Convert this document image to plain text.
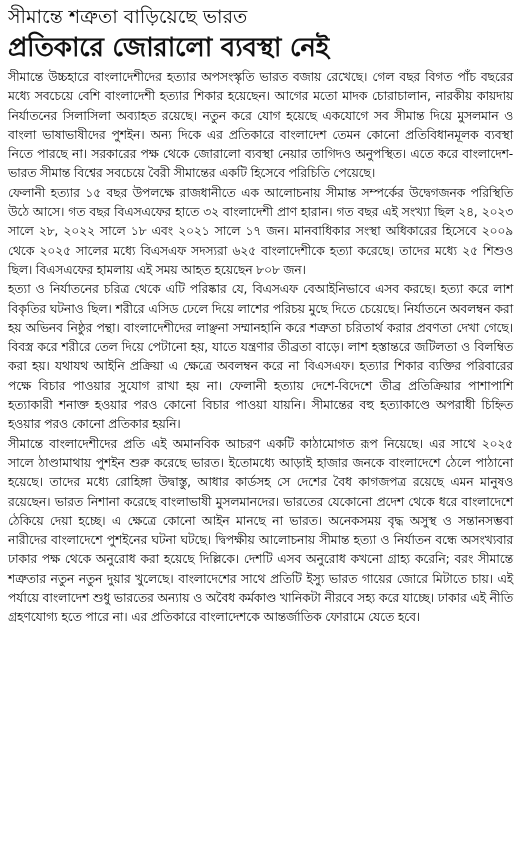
সীমান্তে শত্রুতা বাড়িয়েছে ভারত
প্রতিকারে জোরালো ব্যবস্থা নেই

সীমান্তে উচ্চহারে বাংলাদেশীদের হত্যার অপসংস্কৃতি ভারত বজায় রেখেছে। গেল বছর বিগত পাঁচ বছরের মধ্যে সবচেয়ে বেশি বাংলাদেশী হত্যার শিকার হয়েছেন। আগের মতো মাদক চোরাচালান, নারকীয় কায়দায় নির্যাতনের সিলাসিলা অব্যাহত রয়েছে। নতুন করে যোগ হয়েছে একযোগে সব সীমান্ত দিয়ে মুসলমান ও বাংলা ভাষাভাষীদের পুশইন। অন্য দিকে এর প্রতিকারে বাংলাদেশ তেমন কোনো প্রতিবিধানমূলক ব্যবস্থা নিতে পারছে না। সরকারের পক্ষ থেকে জোরালো ব্যবস্থা নেয়ার তাগিদও অনুপস্থিত। এতে করে বাংলাদেশ-ভারত সীমান্ত বিশ্বের সবচেয়ে বৈরী সীমান্তের একটি হিসেবে পরিচিতি পেয়েছে।

ফেলানী হত্যার ১৫ বছর উপলক্ষে রাজধানীতে এক আলোচনায় সীমান্ত সম্পর্কের উদ্বেগজনক পরিস্থিতি উঠে আসে। গত বছর বিএসএফের হাতে ৩২ বাংলাদেশী প্রাণ হারান। গত বছর এই সংখ্যা ছিল ২৪, ২০২৩ সালে ২৮, ২০২২ সালে ১৮ এবং ২০২১ সালে ১৭ জন। মানবাধিকার সংস্থা অধিকারের হিসেবে ২০০৯ থেকে ২০২৫ সালের মধ্যে বিএসএফ সদস্যরা ৬২৫ বাংলাদেশীকে হত্যা করেছে। তাদের মধ্যে ২৫ শিশুও ছিল। বিএসএফের হামলায় এই সময় আহত হয়েছেন ৮০৮ জন।

হত্যা ও নির্যাতনের চরিত্র থেকে এটি পরিষ্কার যে, বিএসএফ বেআইনিভাবে এসব করছে। হত্যা করে লাশ বিকৃতির ঘটনাও ছিল। শরীরে এসিড ঢেলে দিয়ে লাশের পরিচয় মুছে দিতে চেয়েছে। নির্যাতনে অবলম্বন করা হয় অভিনব নিষ্ঠুর পন্থা। বাংলাদেশীদের লাঞ্ছনা সম্মানহানি করে শত্রুতা চরিতার্থ করার প্রবণতা দেখা গেছে। বিবস্ত্র করে শরীরে তেল দিয়ে পেটানো হয়, যাতে যন্ত্রণার তীব্রতা বাড়ে। লাশ হস্তান্তরে জটিলতা ও বিলম্বিত করা হয়। যথাযথ আইনি প্রক্রিয়া এ ক্ষেত্রে অবলম্বন করে না বিএসএফ। হত্যার শিকার ব্যক্তির পরিবারের পক্ষে বিচার পাওয়ার সুযোগ রাখা হয় না। ফেলানী হত্যায় দেশে-বিদেশে তীব্র প্রতিক্রিয়ার পাশাপাশি হত্যাকারী শনাক্ত হওয়ার পরও কোনো বিচার পাওয়া যায়নি। সীমান্তের বহু হত্যাকাণ্ডে অপরাধী চিহ্নিত হওয়ার পরও কোনো প্রতিকার হয়নি।

সীমান্তে বাংলাদেশীদের প্রতি এই অমানবিক আচরণ একটি কাঠামোগত রূপ নিয়েছে। এর সাথে ২০২৫ সালে ঠাণ্ডামাথায় পুশইন শুরু করেছে ভারত। ইতোমধ্যে আড়াই হাজার জনকে বাংলাদেশে ঠেলে পাঠানো হয়েছে। তাদের মধ্যে রোহিঙ্গা উদ্বাস্তু, আধার কার্ডসহ সে দেশের বৈধ কাগজপত্র রয়েছে এমন মানুষও রয়েছেন। ভারত নিশানা করেছে বাংলাভাষী মুসলমানদের। ভারতের যেকোনো প্রদেশ থেকে ধরে বাংলাদেশে ঠেকিয়ে দেয়া হচ্ছে। এ ক্ষেত্রে কোনো আইন মানছে না ভারত। অনেকসময় বৃদ্ধ অসুস্থ ও সন্তানসম্ভবা নারীদের বাংলাদেশে পুশইনের ঘটনা ঘটছে। দ্বিপক্ষীয় আলোচনায় সীমান্ত হত্যা ও নির্যাতন বন্ধে অসংখ্যবার ঢাকার পক্ষ থেকে অনুরোধ করা হয়েছে দিল্লিকে। দেশটি এসব অনুরোধ কখনো গ্রাহ্য করেনি; বরং সীমান্তে শত্রুতার নতুন নতুন দুয়ার খুলেছে। বাংলাদেশের সাথে প্রতিটি ইস্যু ভারত গায়ের জোরে মিটাতে চায়। এই পর্যায়ে বাংলাদেশ শুধু ভারতের অন্যায় ও অবৈধ কর্মকাণ্ড খানিকটা নীরবে সহ্য করে যাচ্ছে। ঢাকার এই নীতি গ্রহণযোগ্য হতে পারে না। এর প্রতিকারে বাংলাদেশকে আন্তর্জাতিক ফোরামে যেতে হবে।
